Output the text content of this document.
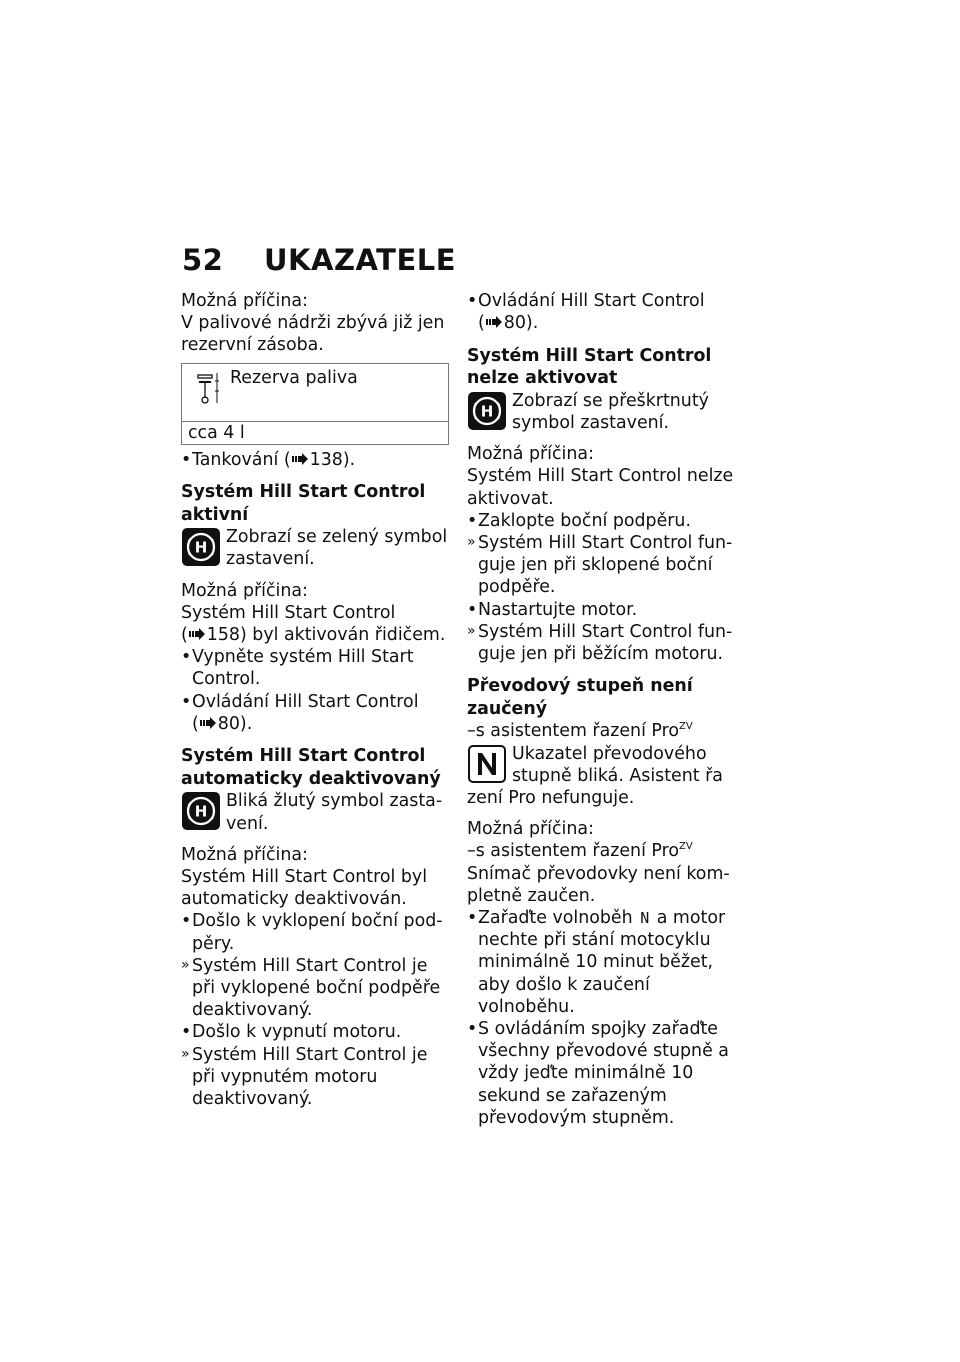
52 UKAZATELE

Možná příčina:

V palivové nádrži zbývá již jen rezervní zásoba.

Rezerva paliva

cca 4 l

• Tankování ( 138).

Systém Hill Start Control aktivní
H

Zobrazí se zelený symbol zastavení.

Možná příčina:

Systém Hill Start Control

( 158) byl aktivován řidičem.

• Vypněte systém Hill Start Control.

• Ovládání Hill Start Control
( 80).

Systém Hill Start Control automaticky deaktivovaný
H

Bliká žlutý symbol zastavení.

Možná příčina:

Systém Hill Start Control byl automaticky deaktivován.

• Došlo k vyklopení boční podpěry.

» Systém Hill Start Control je při vyklopené boční podpěře deaktivovaný.

• Došlo k vypnutí motoru.

» Systém Hill Start Control je při vypnutém motoru deaktivovaný.

• Ovládání Hill Start Control
( 80).

Systém Hill Start Control nelze aktivovat
H

Zobrazí se přeškrtnutý symbol zastavení.

Možná příčina:

Systém Hill Start Control nelze aktivovat.

• Zaklopte boční podpěru.

» Systém Hill Start Control funguje jen při sklopené boční podpěře.

• Nastartujte motor.

» Systém Hill Start Control funguje jen při běžícím motoru.

Převodový stupeň není zaučený

–s asistentem řazení Pro$^{ZV}$

Ukazatel převodového stupně bliká. Asistent řa

zení Pro nefunguje.

Možná příčina:

–s asistentem řazení Pro$^{ZV}$

Snímač převodovky není kompletně zaučen.

• Zařaďte volnoběh N a motor nechte při stání motocyklu minimálně 10 minut běžet, aby došlo k zaučení volnoběhu.

• S ovládáním spojky zařaďte všechny převodové stupně a vždy jeďte minimálně 10 sekund se zařazeným převodovým stupněm.
